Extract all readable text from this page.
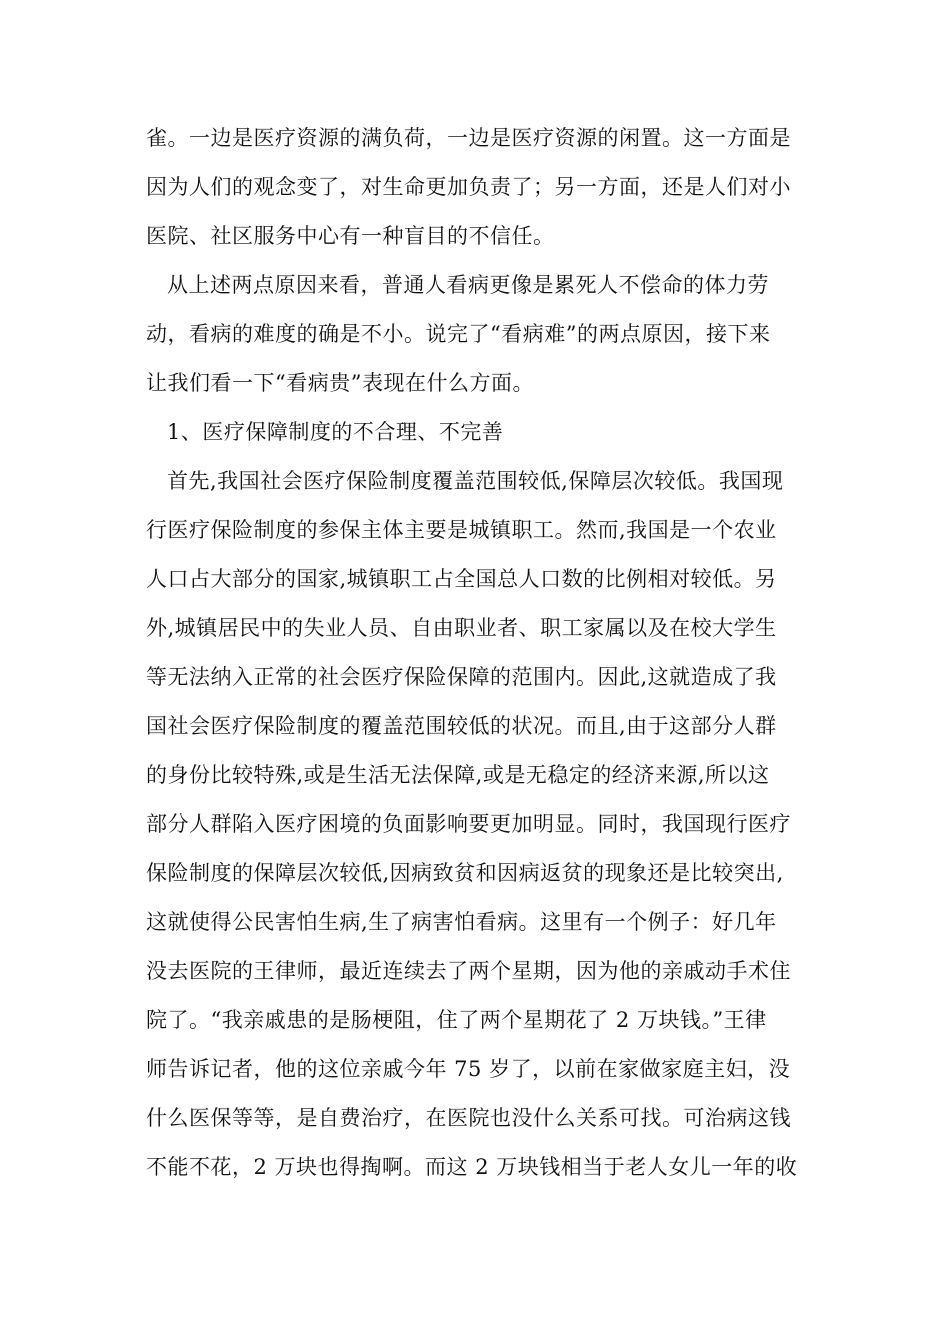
雀。一边是医疗资源的满负荷，一边是医疗资源的闲置。这一方面是
因为人们的观念变了，对生命更加负责了；另一方面，还是人们对小
医院、社区服务中心有一种盲目的不信任。
从上述两点原因来看，普通人看病更像是累死人不偿命的体力劳
动，看病的难度的确是不小。说完了“看病难”的两点原因，接下来
让我们看一下“看病贵”表现在什么方面。
1、医疗保障制度的不合理、不完善
首先,我国社会医疗保险制度覆盖范围较低,保障层次较低。我国现
行医疗保险制度的参保主体主要是城镇职工。然而,我国是一个农业
人口占大部分的国家,城镇职工占全国总人口数的比例相对较低。另
外,城镇居民中的失业人员、自由职业者、职工家属以及在校大学生
等无法纳入正常的社会医疗保险保障的范围内。因此,这就造成了我
国社会医疗保险制度的覆盖范围较低的状况。而且,由于这部分人群
的身份比较特殊,或是生活无法保障,或是无稳定的经济来源,所以这
部分人群陷入医疗困境的负面影响要更加明显。同时，我国现行医疗
保险制度的保障层次较低,因病致贫和因病返贫的现象还是比较突出,
这就使得公民害怕生病,生了病害怕看病。这里有一个例子：好几年
没去医院的王律师，最近连续去了两个星期，因为他的亲戚动手术住
院了。“我亲戚患的是肠梗阻，住了两个星期花了 2 万块钱。”王律
师告诉记者，他的这位亲戚今年 75 岁了，以前在家做家庭主妇，没
什么医保等等，是自费治疗，在医院也没什么关系可找。可治病这钱
不能不花，2 万块也得掏啊。而这 2 万块钱相当于老人女儿一年的收
